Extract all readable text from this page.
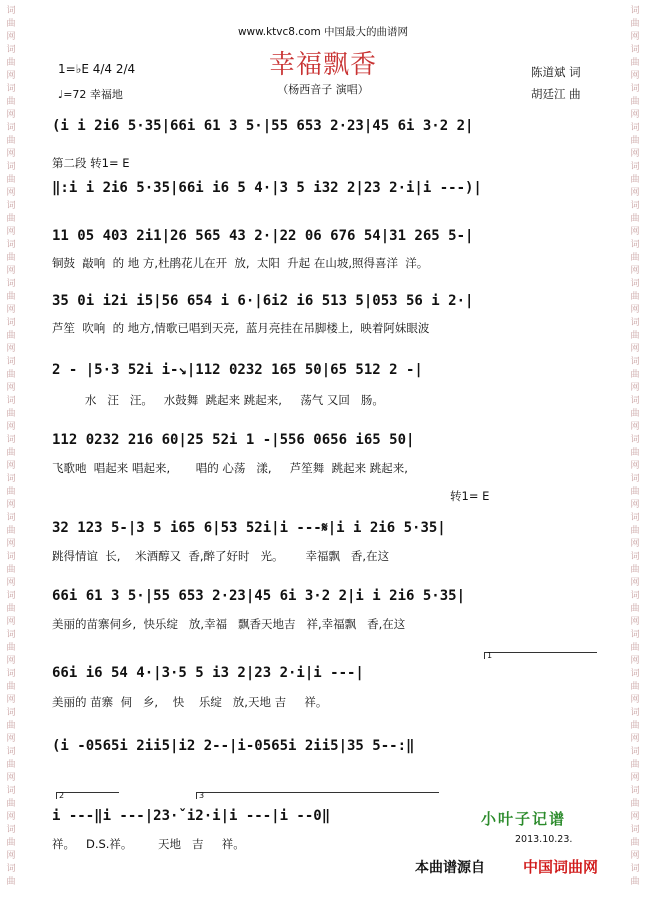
词
曲
网
词
曲
网
词
曲
网
词
曲
网
词
曲
网
词
曲
网
词
曲
网
词
曲
网
词
曲
网
词
曲
网
词
曲
网
词
曲
网
词
曲
网
词
曲
网
词
曲
网
词
曲
网
词
曲
网
词
曲
网
词
曲
网
词
曲
网
词
曲
网
词
曲
网
词
曲
词
曲
网
词
曲
网
词
曲
网
词
曲
网
词
曲
网
词
曲
网
词
曲
网
词
曲
网
词
曲
网
词
曲
网
词
曲
网
词
曲
网
词
曲
网
词
曲
网
词
曲
网
词
曲
网
词
曲
网
词
曲
网
词
曲
网
词
曲
网
词
曲
网
词
曲
网
词
曲
www.ktvc8.com 中国最大的曲谱网
幸福飘香
（杨西音子 演唱）
1=♭E 4/4 2/4
♩=72 幸福地
陈道斌 词
胡廷江 曲
(i i 2i6 5·35|66i 61 3 5·|55 653 2·23|45 6i 3·2 2|
第二段 转1= E
‖:i i 2i6 5·35|66i i6 5 4·|3 5 i32 2|23 2·i|i ---)|
11 05 403 2i1|26 565 43 2·|22 06 676 54|31 265 5-|
铜鼓  敲响  的 地 方,杜鹃花儿在开  放,  太阳  升起 在山坡,照得喜洋  洋。
35 0i i2i i5|56 654 i 6·|6i2 i6 513 5|053 56 i 2·|
芦笙  吹响  的 地方,情歌已唱到天亮,  蓝月亮挂在吊脚楼上,  映着阿妹眼波
2 - |5·3 52i i-↘|112 0232 165 50|65 512 2 -|
水   汪   汪。   水鼓舞  跳起来 跳起来,     荡气 又回   肠。
112 0232 216 60|25 52i 1 -|556 0656 i65 50|
飞歌吔  唱起来 唱起来,       唱的 心荡   漾,     芦笙舞  跳起来 跳起来,
转1= E
32 123 5-|3 5 i65 6|53 52i|i ---𝄋|i i 2i6 5·35|
跳得情谊  长,    米酒醇又  香,醉了好时   光。      幸福飘   香,在这
66i 61 3 5·|55 653 2·23|45 6i 3·2 2|i i 2i6 5·35|
美丽的苗寨伺乡,  快乐绽   放,幸福   飘香天地吉   祥,幸福飘   香,在这
1
66i i6 54 4·|3·5 5 i3 2|23 2·i|i ---|
美丽的 苗寨  伺   乡,    快    乐绽   放,天地 吉     祥。
(i -0565i 2ii5|i2 2--|i-0565i 2ii5|35 5--:‖
2	3
i ---‖i ---|23·ˇi2·i|i ---|i --0‖
祥。   D.S.祥。       天地   吉     祥。
小叶子记谱
2013.10.23.
本曲谱源自	中国词曲网
